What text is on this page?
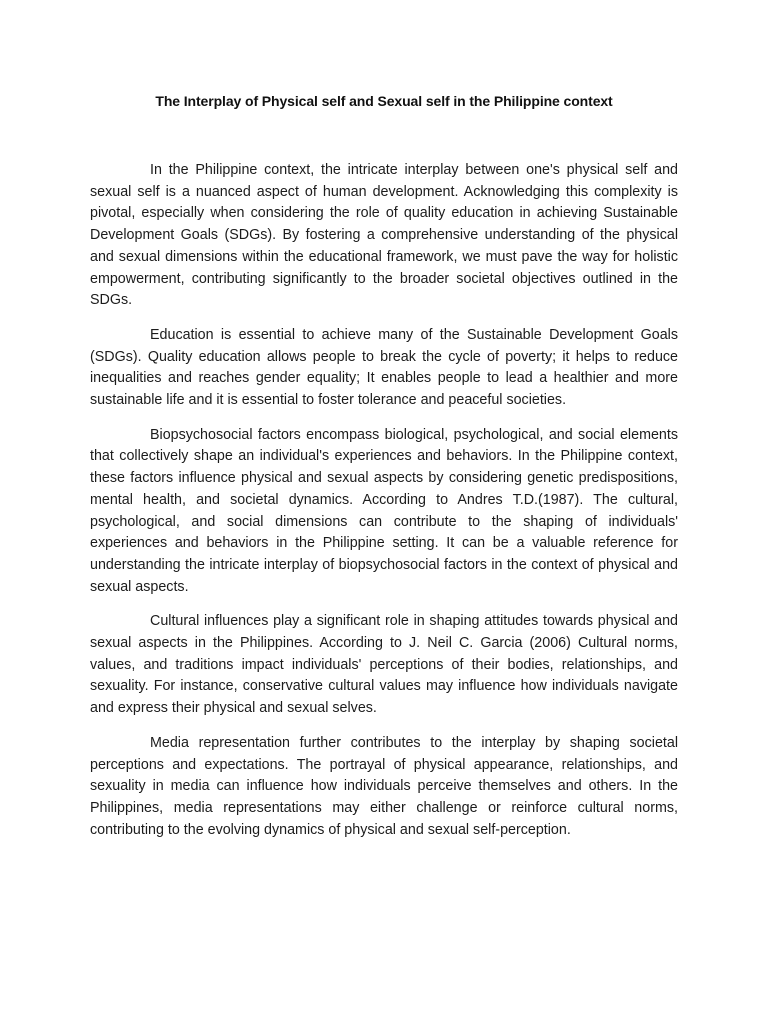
The Interplay of Physical self and Sexual self in the Philippine context

In the Philippine context, the intricate interplay between one's physical self and sexual self is a nuanced aspect of human development. Acknowledging this complexity is pivotal, especially when considering the role of quality education in achieving Sustainable Development Goals (SDGs). By fostering a comprehensive understanding of the physical and sexual dimensions within the educational framework, we must pave the way for holistic empowerment, contributing significantly to the broader societal objectives outlined in the SDGs.

Education is essential to achieve many of the Sustainable Development Goals (SDGs). Quality education allows people to break the cycle of poverty; it helps to reduce inequalities and reaches gender equality; It enables people to lead a healthier and more sustainable life and it is essential to foster tolerance and peaceful societies.

Biopsychosocial factors encompass biological, psychological, and social elements that collectively shape an individual's experiences and behaviors. In the Philippine context, these factors influence physical and sexual aspects by considering genetic predispositions, mental health, and societal dynamics. According to Andres T.D.(1987). The cultural, psychological, and social dimensions can contribute to the shaping of individuals' experiences and behaviors in the Philippine setting. It can be a valuable reference for understanding the intricate interplay of biopsychosocial factors in the context of physical and sexual aspects.

Cultural influences play a significant role in shaping attitudes towards physical and sexual aspects in the Philippines. According to J. Neil C. Garcia (2006) Cultural norms, values, and traditions impact individuals' perceptions of their bodies, relationships, and sexuality. For instance, conservative cultural values may influence how individuals navigate and express their physical and sexual selves.

Media representation further contributes to the interplay by shaping societal perceptions and expectations. The portrayal of physical appearance, relationships, and sexuality in media can influence how individuals perceive themselves and others. In the Philippines, media representations may either challenge or reinforce cultural norms, contributing to the evolving dynamics of physical and sexual self-perception.
